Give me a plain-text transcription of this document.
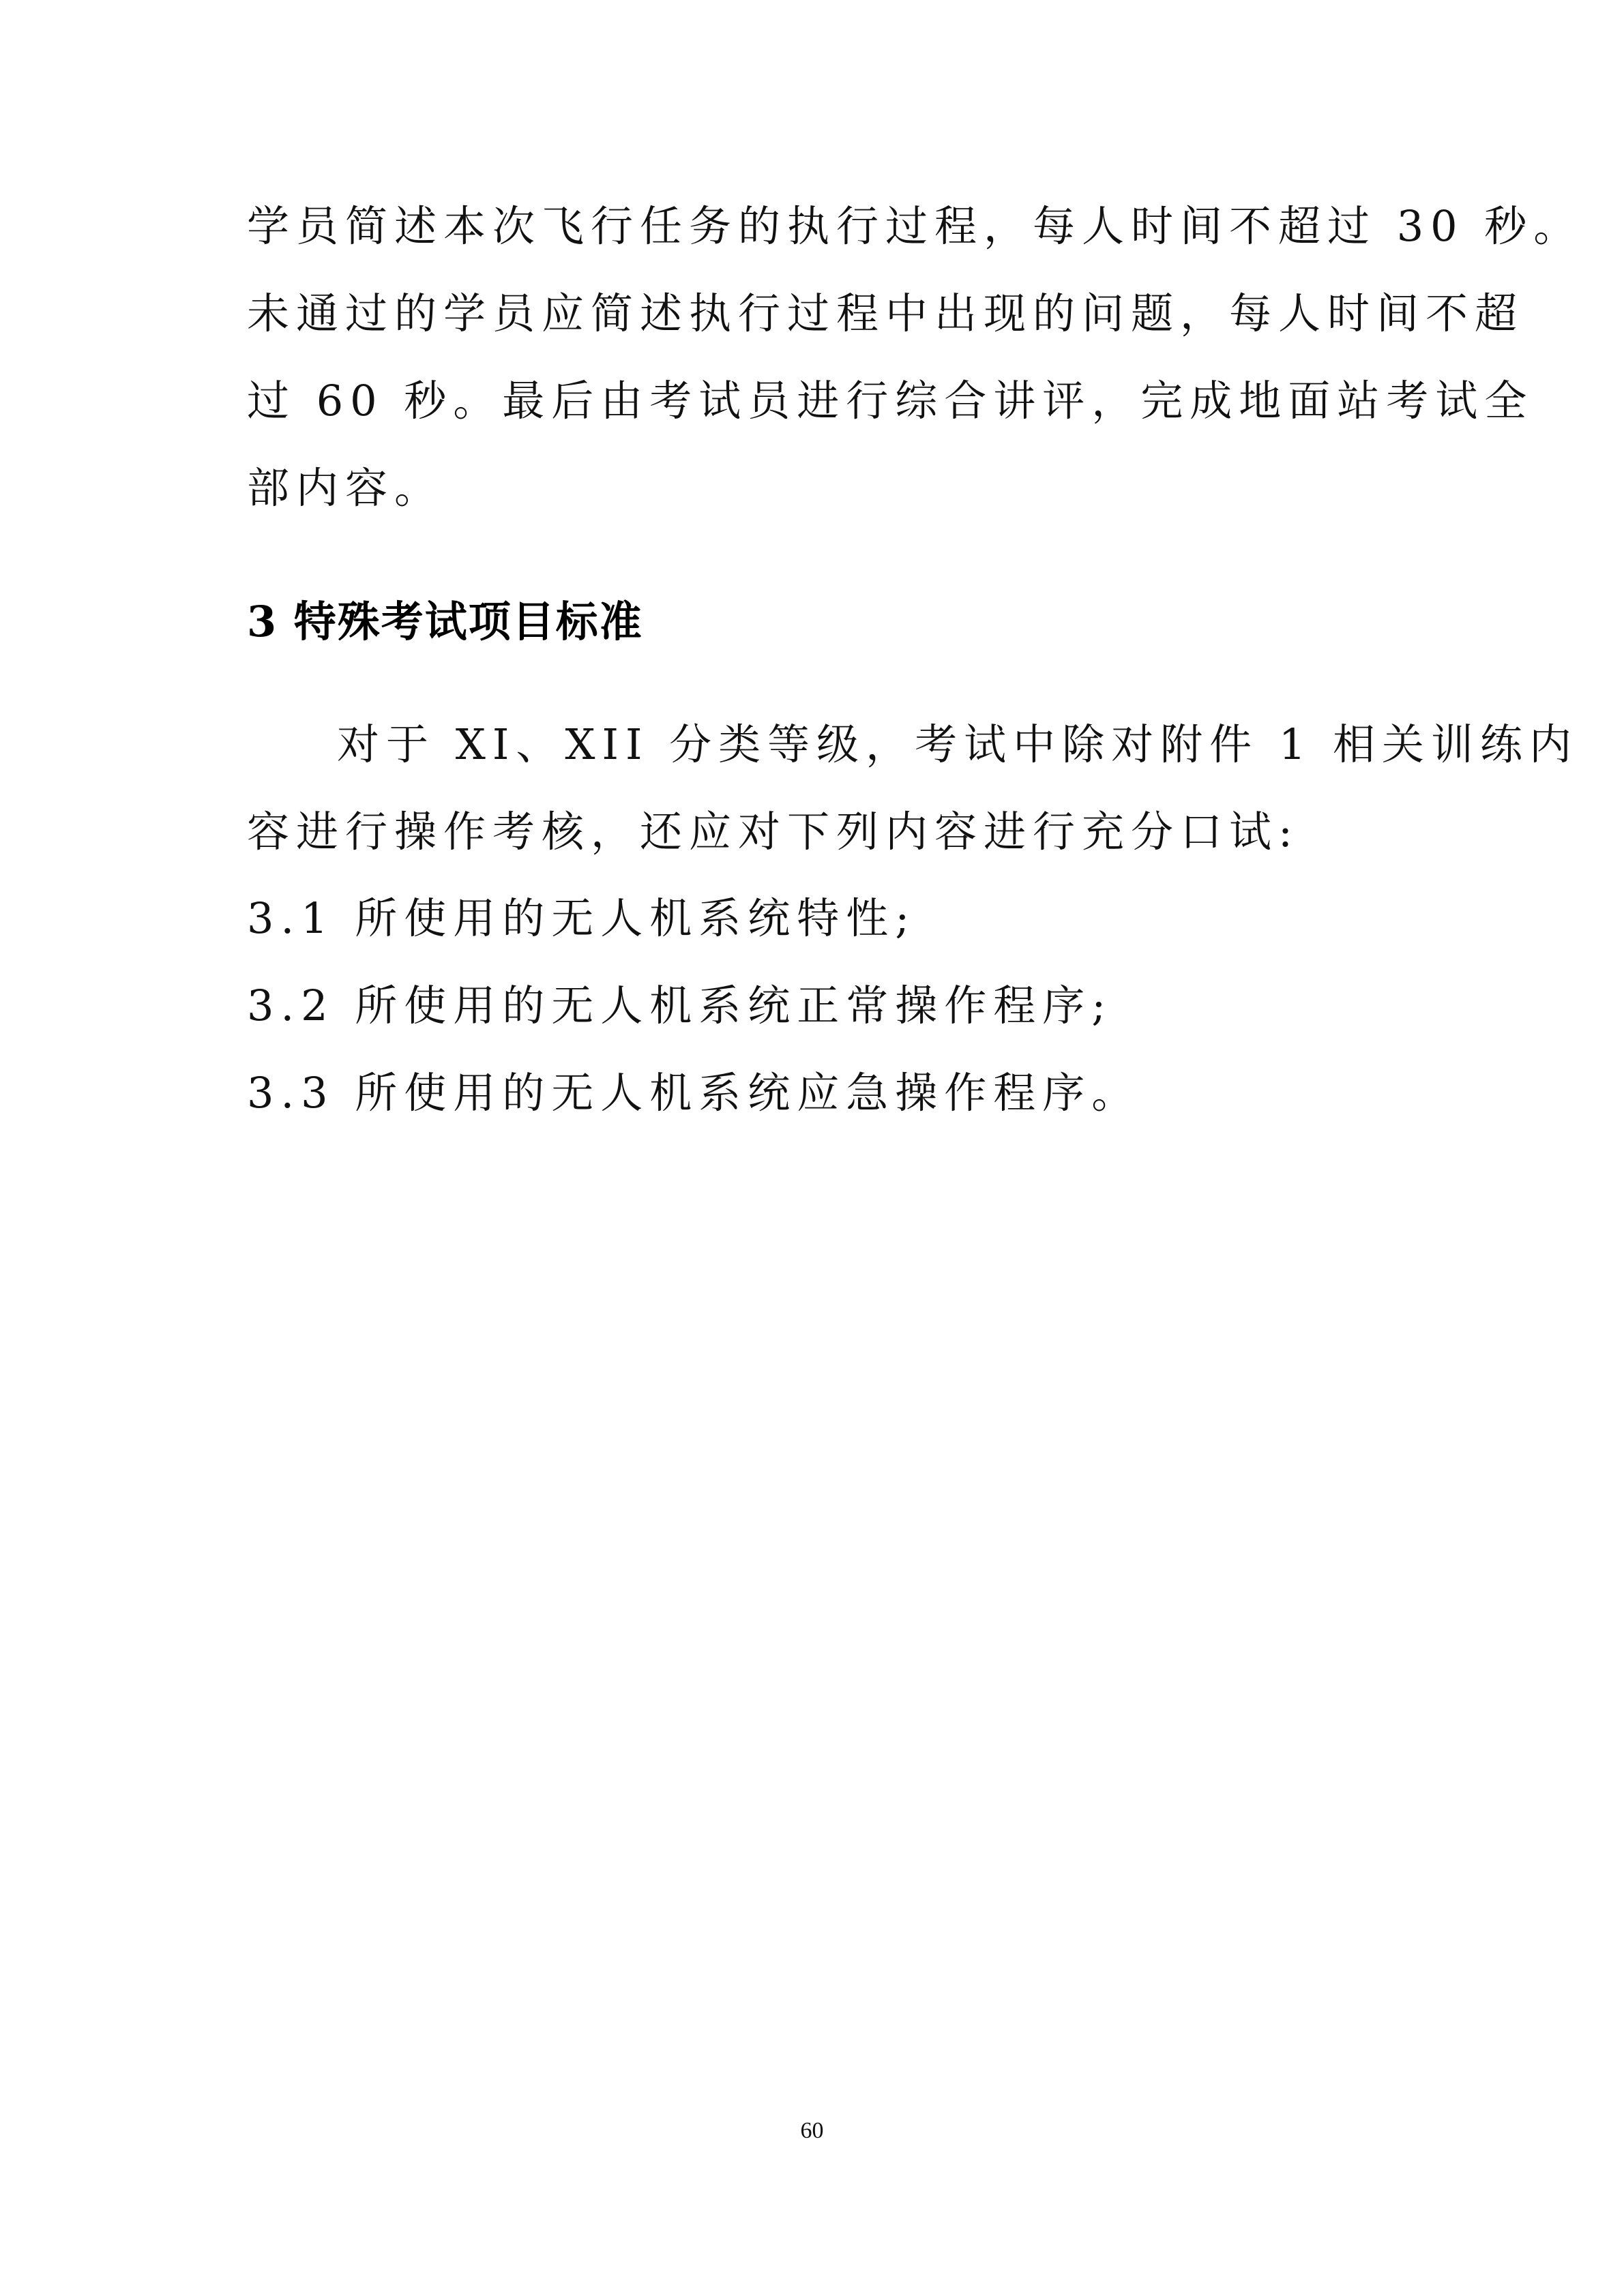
学员简述本次飞行任务的执行过程，每人时间不超过 30 秒。
未通过的学员应简述执行过程中出现的问题，每人时间不超
过 60 秒。最后由考试员进行综合讲评，完成地面站考试全
部内容。
3 特殊考试项目标准
对于 XI、XII 分类等级，考试中除对附件 1 相关训练内
容进行操作考核，还应对下列内容进行充分口试:
3.1 所使用的无人机系统特性;
3.2 所使用的无人机系统正常操作程序;
3.3 所使用的无人机系统应急操作程序。
60
